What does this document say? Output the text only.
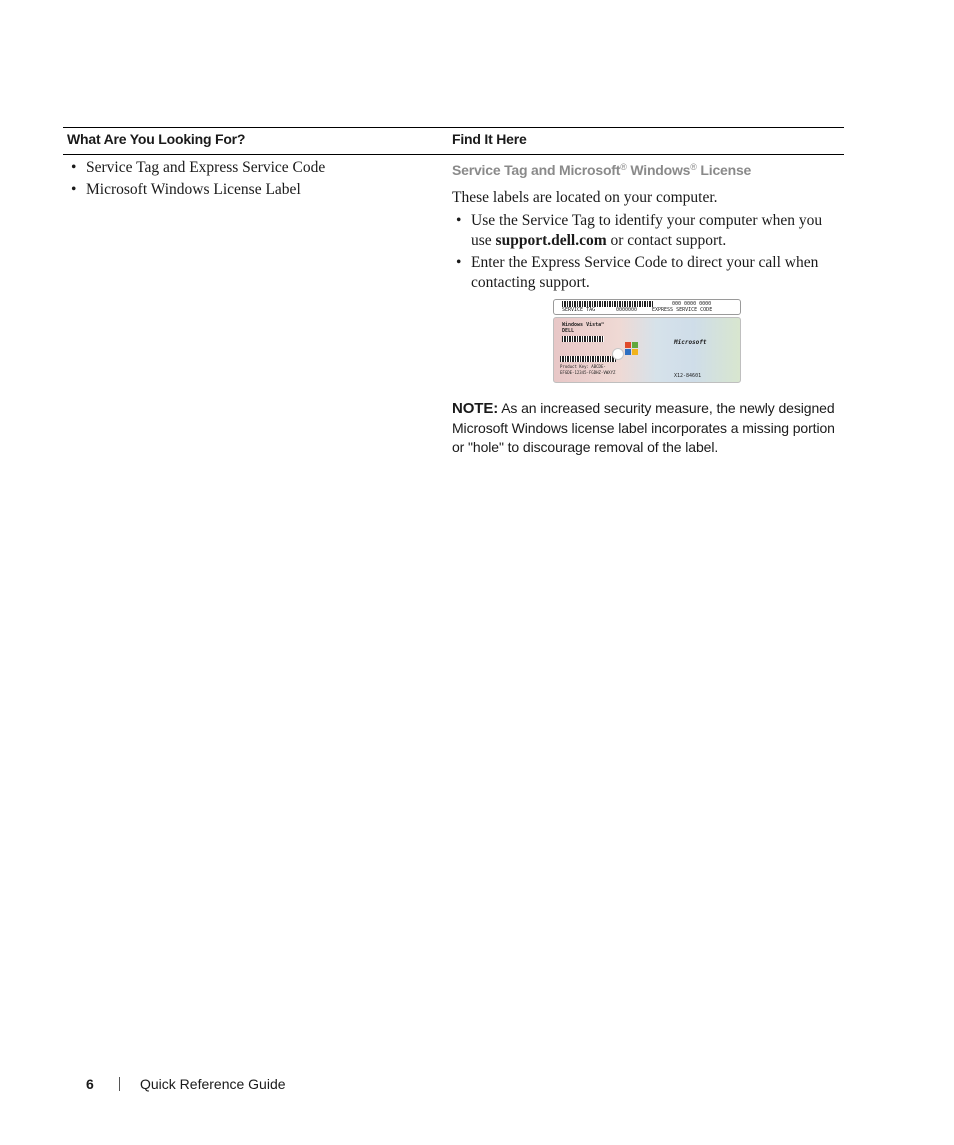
What Are You Looking For?	Find It Here
• Service Tag and Express Service Code
• Microsoft Windows License Label
Service Tag and Microsoft® Windows® License
These labels are located on your computer.
• Use the Service Tag to identify your computer when you use support.dell.com or contact support.
• Enter the Express Service Code to direct your call when contacting support.
SERVICE TAG	0000000
000 0000 0000
EXPRESS SERVICE CODE
Windows Vista™
DELL
Product Key: ABCDE-EFGDE-12345-FGDHZ-VWXYZ
Microsoft
X12-84601
NOTE: As an increased security measure, the newly designed Microsoft Windows license label incorporates a missing portion or "hole" to discourage removal of the label.
6	Quick Reference Guide
